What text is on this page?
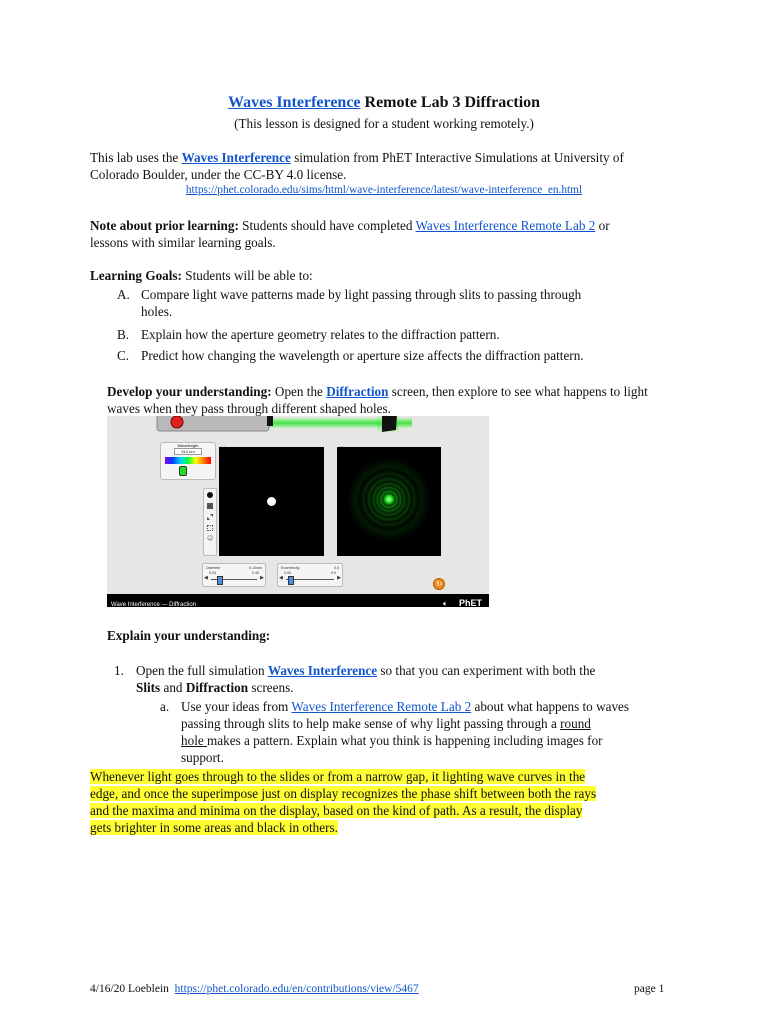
Waves Interference Remote Lab 3 Diffraction
(This lesson is designed for a student working remotely.)
This lab uses the Waves Interference simulation from PhET Interactive Simulations at University of
Colorado Boulder, under the CC-BY 4.0 license.
https://phet.colorado.edu/sims/html/wave-interference/latest/wave-interference_en.html
Note about prior learning: Students should have completed Waves Interference Remote Lab 2 or
lessons with similar learning goals.
Learning Goals: Students will be able to:
A. Compare light wave patterns made by light passing through slits to passing through
holes.
B. Explain how the aperture geometry relates to the diffraction pattern.
C. Predict how changing the wavelength or aperture size affects the diffraction pattern.
Develop your understanding: Open the Diffraction screen, then explore to see what happens to light
waves when they pass through different shaped holes.
Wavelength
514 nm
☺
Diameter	0.10mm
0.04	0.40
◀	▶
Eccentricity	0.0
0.00	0.9
◀	▶
↻
Wave Interference — Diffraction	🔈︎ PhET
Explain your understanding:
1. Open the full simulation Waves Interference so that you can experiment with both the
Slits and Diffraction screens.
a. Use your ideas from Waves Interference Remote Lab 2 about what happens to waves
passing through slits to help make sense of why light passing through a round
hole makes a pattern. Explain what you think is happening including images for
support.
Whenever light goes through to the slides or from a narrow gap, it lighting wave curves in the
edge, and once the superimpose just on display recognizes the phase shift between both the rays
and the maxima and minima on the display, based on the kind of path. As a result, the display
gets brighter in some areas and black in others.
4/16/20 Loeblein https://phet.colorado.edu/en/contributions/view/5467	page 1
